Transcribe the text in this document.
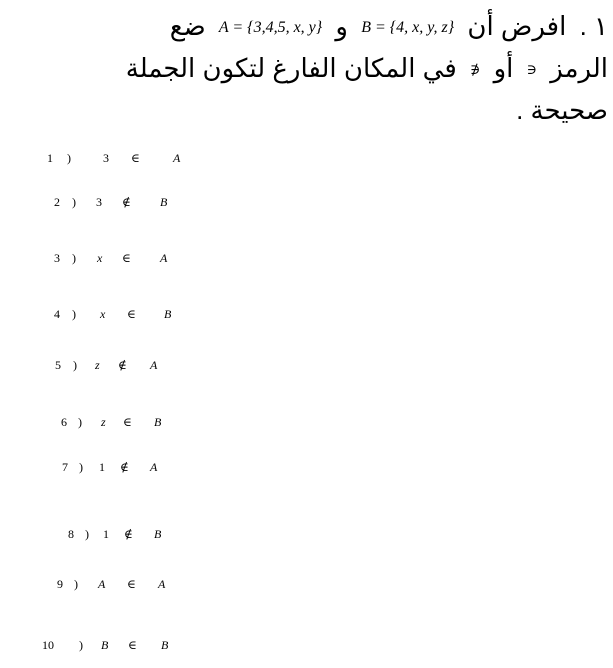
١ . افرض أن B = {4, x, y, z} و A = {3,4,5, x, y} ضع
الرمز ∈ أو ∉ في المكان الفارغ لتكون الجملة
صحيحة .
1 )	3 ∈	A
2 ) 3 ∉ B
3 ) x ∈ A
4 ) x ∈ B
5 ) z ∉ A
6 ) z ∈ B
7 ) 1 ∉ A
8 ) 1 ∉ B
9 ) A ∈ A
10 ) B ∈ B
